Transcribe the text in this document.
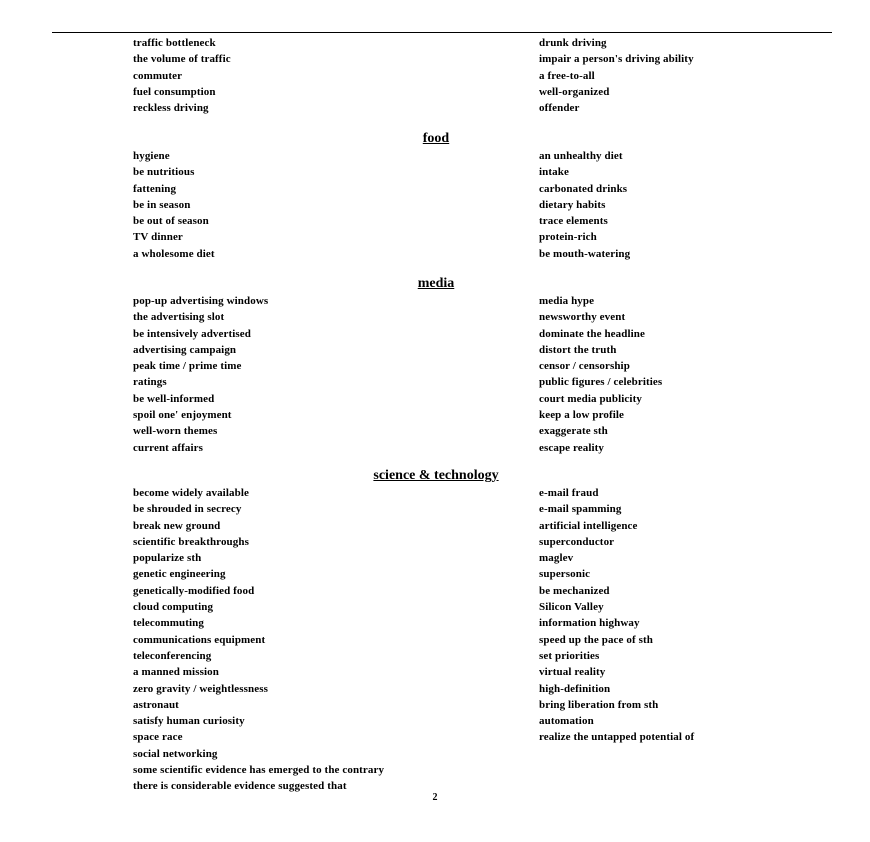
traffic bottleneck	drunk driving
the volume of traffic	impair a person's driving ability
commuter	a free-to-all
fuel consumption	well-organized
reckless driving	offender
food
hygiene	an unhealthy diet
be nutritious	intake
fattening	carbonated drinks
be in season	dietary habits
be out of season	trace elements
TV dinner	protein-rich
a wholesome diet	be mouth-watering
media
pop-up advertising windows	media hype
the advertising slot	newsworthy event
be intensively advertised	dominate the headline
advertising campaign	distort the truth
peak time / prime time	censor / censorship
ratings	public figures / celebrities
be well-informed	court media publicity
spoil one' enjoyment	keep a low profile
well-worn themes	exaggerate sth
current affairs	escape reality
science & technology
become widely available	e-mail fraud
be shrouded in secrecy	e-mail spamming
break new ground	artificial intelligence
scientific breakthroughs	superconductor
popularize sth	maglev
genetic engineering	supersonic
genetically-modified food	be mechanized
cloud computing	Silicon Valley
telecommuting	information highway
communications equipment	speed up the pace of sth
teleconferencing	set priorities
a manned mission	virtual reality
zero gravity / weightlessness	high-definition
astronaut	bring liberation from sth
satisfy human curiosity	automation
space race	realize the untapped potential of
social networking
some scientific evidence has emerged to the contrary
there is considerable evidence suggested that
2
